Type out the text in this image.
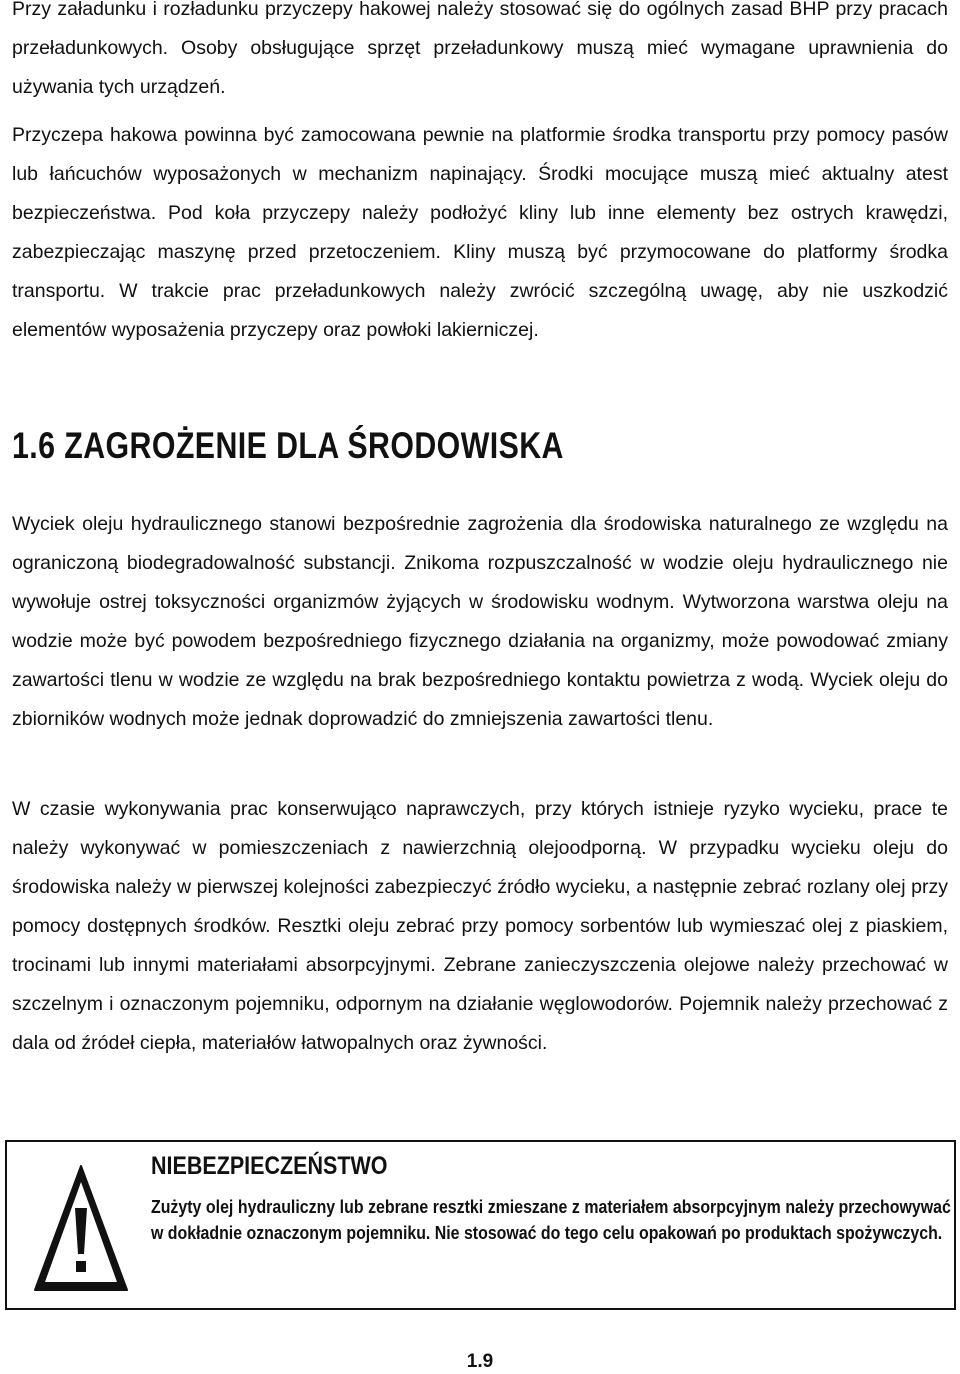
Przy załadunku i rozładunku przyczepy hakowej należy stosować się do ogólnych zasad BHP przy pracach przeładunkowych. Osoby obsługujące sprzęt przeładunkowy muszą mieć wymagane uprawnienia do używania tych urządzeń.

Przyczepa hakowa powinna być zamocowana pewnie na platformie środka transportu przy pomocy pasów lub łańcuchów wyposażonych w mechanizm napinający. Środki mocujące muszą mieć aktualny atest bezpieczeństwa. Pod koła przyczepy należy podłożyć kliny lub inne elementy bez ostrych krawędzi, zabezpieczając maszynę przed przetoczeniem. Kliny muszą być przymocowane do platformy środka transportu. W trakcie prac przeładunkowych należy zwrócić szczególną uwagę, aby nie uszkodzić elementów wyposażenia przyczepy oraz powłoki lakierniczej.

1.6 ZAGROŻENIE DLA ŚRODOWISKA

Wyciek oleju hydraulicznego stanowi bezpośrednie zagrożenia dla środowiska naturalnego ze względu na ograniczoną biodegradowalność substancji. Znikoma rozpuszczalność w wodzie oleju hydraulicznego nie wywołuje ostrej toksyczności organizmów żyjących w środowisku wodnym. Wytworzona warstwa oleju na wodzie może być powodem bezpośredniego fizycznego działania na organizmy, może powodować zmiany zawartości tlenu w wodzie ze względu na brak bezpośredniego kontaktu powietrza z wodą. Wyciek oleju do zbiorników wodnych może jednak doprowadzić do zmniejszenia zawartości tlenu.

W czasie wykonywania prac konserwująco naprawczych, przy których istnieje ryzyko wycieku, prace te należy wykonywać w pomieszczeniach z nawierzchnią olejoodporną. W przypadku wycieku oleju do środowiska należy w pierwszej kolejności zabezpieczyć źródło wycieku, a następnie zebrać rozlany olej przy pomocy dostępnych środków. Resztki oleju zebrać przy pomocy sorbentów lub wymieszać olej z piaskiem, trocinami lub innymi materiałami absorpcyjnymi. Zebrane zanieczyszczenia olejowe należy przechować w szczelnym i oznaczonym pojemniku, odpornym na działanie węglowodorów. Pojemnik należy przechować z dala od źródeł ciepła, materiałów łatwopalnych oraz żywności.

NIEBEZPIECZEŃSTWO

Zużyty olej hydrauliczny lub zebrane resztki zmieszane z materiałem absorpcyjnym należy przechowywać w dokładnie oznaczonym pojemniku. Nie stosować do tego celu opakowań po produktach spożywczych.

1.9
